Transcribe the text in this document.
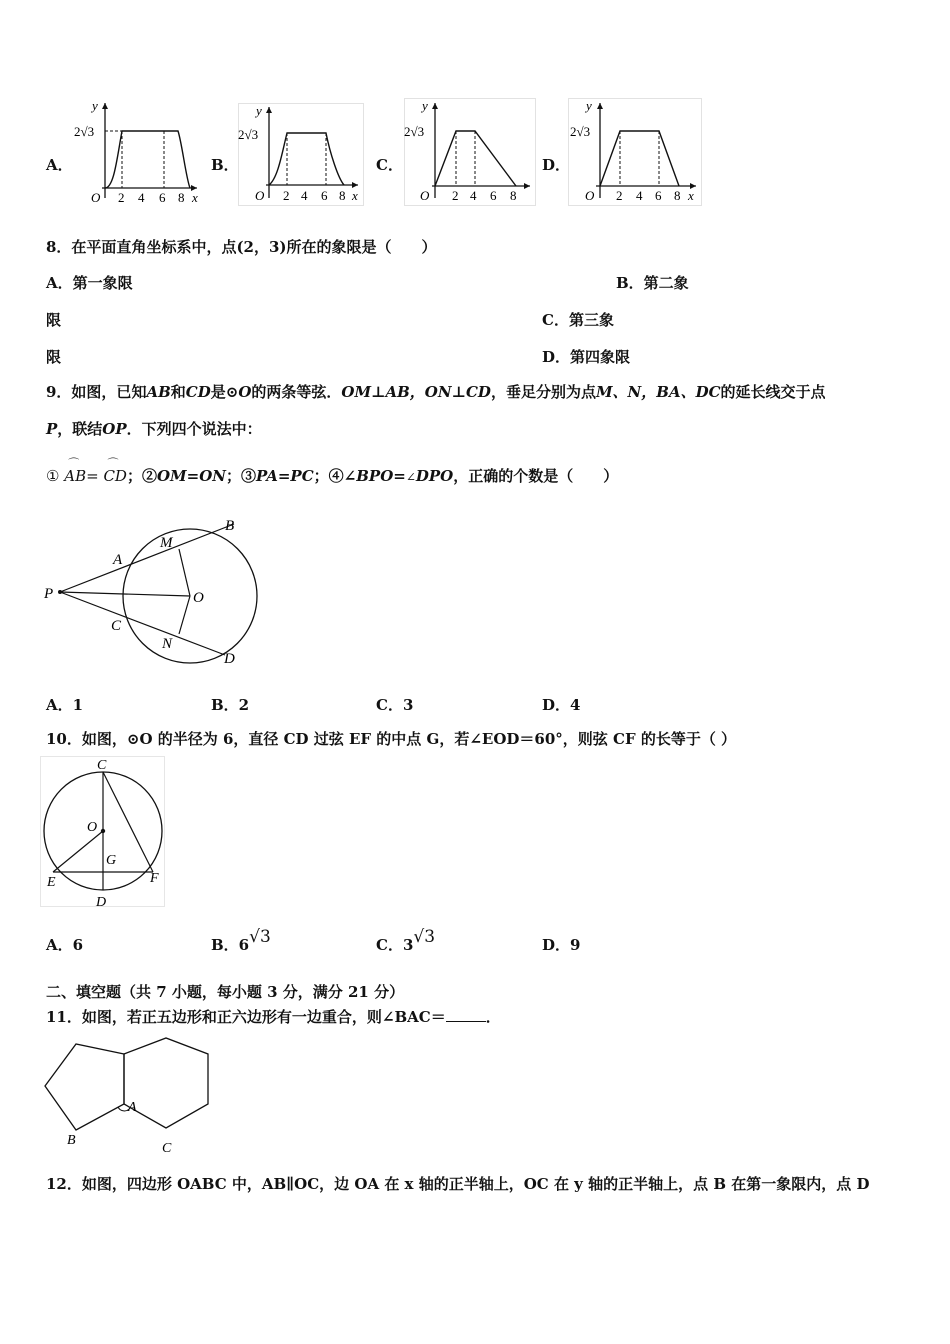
A．	B．	C．	D．
y
2√3
O 2 4 6 8 x
y
2√3
O 2 4 6 8 x
y
2√3
O 2 4 6 8
y
2√3
O 2 4 6 8 x
8．在平面直角坐标系中，点(2，3)所在的象限是（　　）
A．第一象限	B．第二象
限	C．第三象
限	D．第四象限
9．如图，已知AB和CD是⊙O的两条等弦．OM⊥AB，ON⊥CD，垂足分别为点M、N，BA、DC的延长线交于点
P，联结OP．下列四个说法中：
①
⌒
AB=
⌒
CD；②OM=ON；③PA=PC；④∠BPO=∠DPO，正确的个数是（　　）
P
A
B
C
D
M
N
O
A．1	B．2	C．3	D．4
10．如图，⊙O 的半径为 6，直径 CD 过弦 EF 的中点 G，若∠EOD＝60°，则弦 CF 的长等于（ ）
C
O
G
E	F
D
A．6	B．6√3	C．3√3	D．9
二、填空题（共 7 小题，每小题 3 分，满分 21 分）
11．如图，若正五边形和正六边形有一边重合，则∠BAC＝	．
A
B
C
12．如图，四边形 OABC 中，AB∥OC，边 OA 在 x 轴的正半轴上，OC 在 y 轴的正半轴上，点 B 在第一象限内，点 D
